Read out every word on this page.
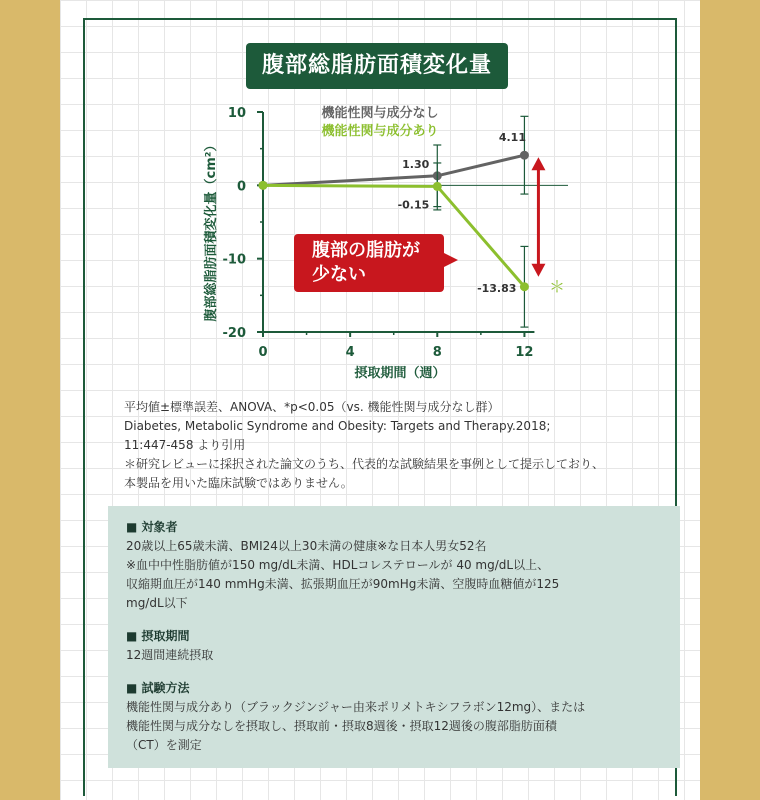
腹部総脂肪面積変化量
10
0
-10
-20
0	4	8	12
1.30
4.11
-0.15
-13.83
腹部総脂肪面積変化量（cm²）
摂取期間（週）
機能性関与成分なし
機能性関与成分あり
＊
腹部の脂肪が
少ない
平均値±標準誤差、ANOVA、*p<0.05（vs. 機能性関与成分なし群）
Diabetes, Metabolic Syndrome and Obesity: Targets and Therapy.2018;
11:447-458 より引用
＊研究レビューに採択された論文のうち、代表的な試験結果を事例として提示しており、
本製品を用いた臨床試験ではありません。
■ 対象者
20歳以上65歳未満、BMI24以上30未満の健康※な日本人男女52名
※血中中性脂肪値が150 mg/dL未満、HDLコレステロールが 40 mg/dL以上、
収縮期血圧が140 mmHg未満、拡張期血圧が90mHg未満、空腹時血糖値が125
mg/dL以下
■ 摂取期間
12週間連続摂取
■ 試験方法
機能性関与成分あり（ブラックジンジャー由来ポリメトキシフラボン12mg）、または
機能性関与成分なしを摂取し、摂取前・摂取8週後・摂取12週後の腹部脂肪面積
（CT）を測定
